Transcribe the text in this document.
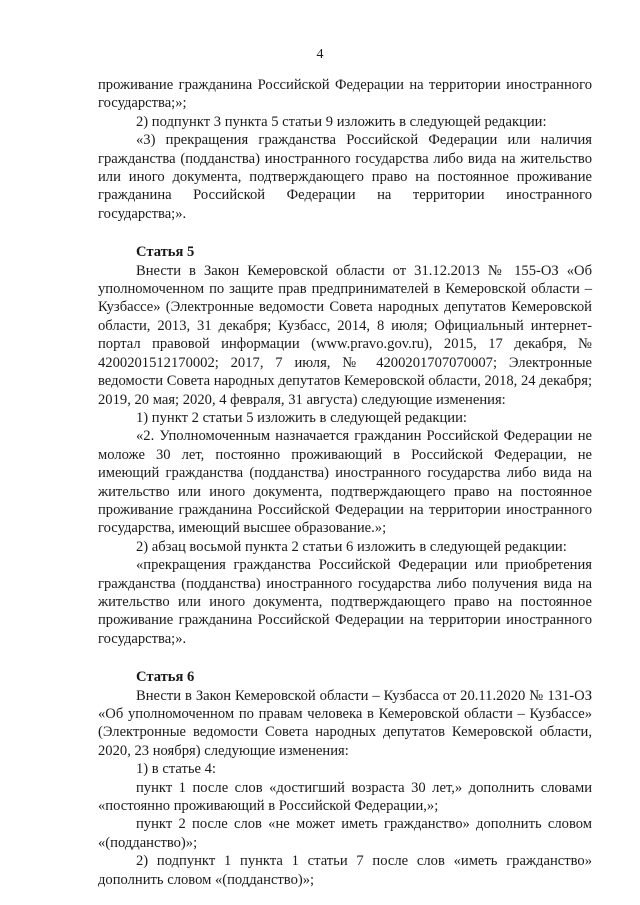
4

проживание гражданина Российской Федерации на территории иностранного государства;»;

2) подпункт 3 пункта 5 статьи 9 изложить в следующей редакции:

«3) прекращения гражданства Российской Федерации или наличия гражданства (подданства) иностранного государства либо вида на жительство или иного документа, подтверждающего право на постоянное проживание гражданина Российской Федерации на территории иностранного государства;».

Статья 5

Внести в Закон Кемеровской области от 31.12.2013 № 155-ОЗ «Об уполномоченном по защите прав предпринимателей в Кемеровской области – Кузбассе» (Электронные ведомости Совета народных депутатов Кемеровской области, 2013, 31 декабря; Кузбасс, 2014, 8 июля; Официальный интернет-портал правовой информации (www.pravo.gov.ru), 2015, 17 декабря, № 4200201512170002; 2017, 7 июля, № 4200201707070007; Электронные ведомости Совета народных депутатов Кемеровской области, 2018, 24 декабря; 2019, 20 мая; 2020, 4 февраля, 31 августа) следующие изменения:

1) пункт 2 статьи 5 изложить в следующей редакции:

«2. Уполномоченным назначается гражданин Российской Федерации не моложе 30 лет, постоянно проживающий в Российской Федерации, не имеющий гражданства (подданства) иностранного государства либо вида на жительство или иного документа, подтверждающего право на постоянное проживание гражданина Российской Федерации на территории иностранного государства, имеющий высшее образование.»;

2) абзац восьмой пункта 2 статьи 6 изложить в следующей редакции:

«прекращения гражданства Российской Федерации или приобретения гражданства (подданства) иностранного государства либо получения вида на жительство или иного документа, подтверждающего право на постоянное проживание гражданина Российской Федерации на территории иностранного государства;».

Статья 6

Внести в Закон Кемеровской области – Кузбасса от 20.11.2020 № 131-ОЗ «Об уполномоченном по правам человека в Кемеровской области – Кузбассе» (Электронные ведомости Совета народных депутатов Кемеровской области, 2020, 23 ноября) следующие изменения:

1) в статье 4:

пункт 1 после слов «достигший возраста 30 лет,» дополнить словами «постоянно проживающий в Российской Федерации,»;

пункт 2 после слов «не может иметь гражданство» дополнить словом «(подданство)»;

2) подпункт 1 пункта 1 статьи 7 после слов «иметь гражданство» дополнить словом «(подданство)»;
